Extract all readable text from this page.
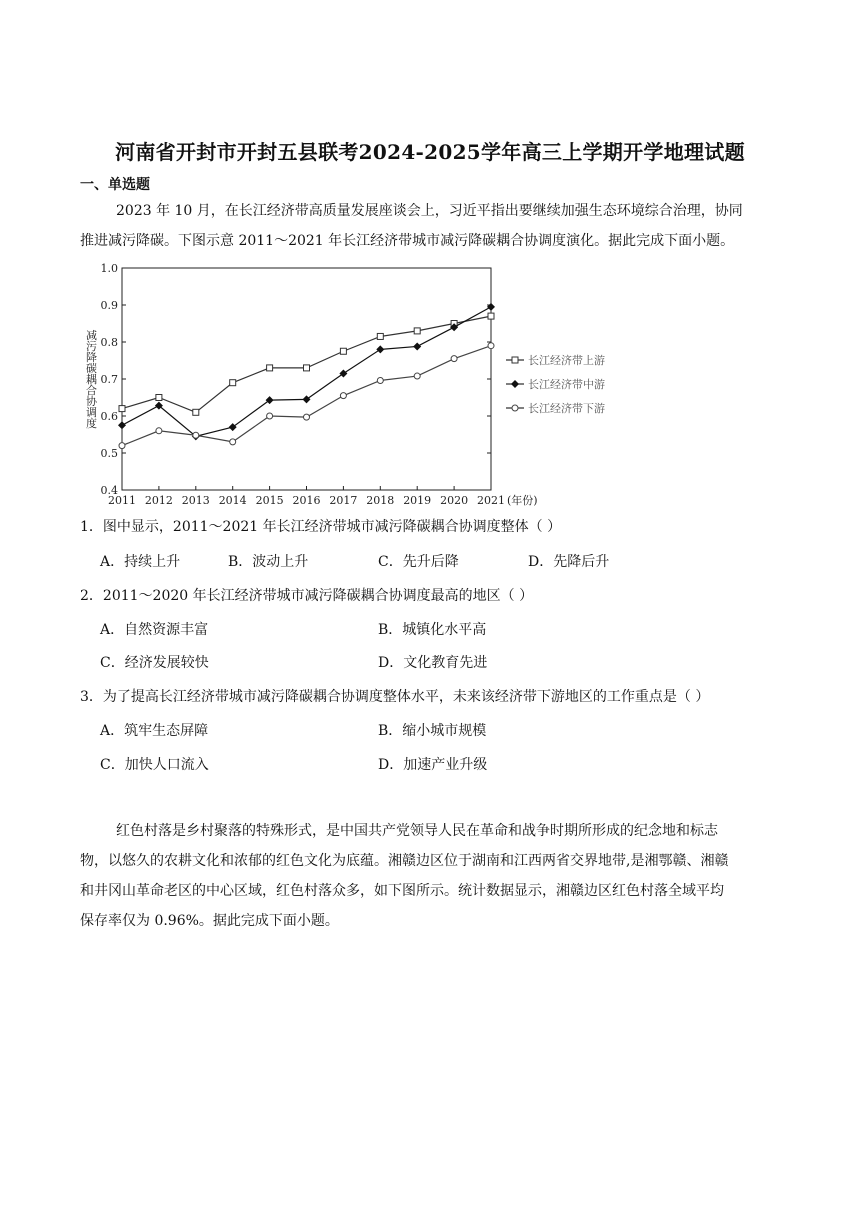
河南省开封市开封五县联考2024-2025学年高三上学期开学地理试题
一、单选题
2023 年 10 月，在长江经济带高质量发展座谈会上，习近平指出要继续加强生态环境综合治理，协同
推进减污降碳。下图示意 2011～2021 年长江经济带城市减污降碳耦合协调度演化。据此完成下面小题。
0.4
0.5
0.6
0.7
0.8
0.9
1.0
2011 2012 2013 2014 2015 2016 2017 2018 2019 2020 2021 (年份)
减污降碳耦合协调度	长江经济带上游
长江经济带中游
长江经济带下游
1．图中显示，2011～2021 年长江经济带城市减污降碳耦合协调度整体（ ）
A．持续上升	B．波动上升	C．先升后降	D．先降后升
2．2011～2020 年长江经济带城市减污降碳耦合协调度最高的地区（ ）
A．自然资源丰富	B．城镇化水平高
C．经济发展较快	D．文化教育先进
3．为了提高长江经济带城市减污降碳耦合协调度整体水平，未来该经济带下游地区的工作重点是（ ）
A．筑牢生态屏障	B．缩小城市规模
C．加快人口流入	D．加速产业升级
红色村落是乡村聚落的特殊形式，是中国共产党领导人民在革命和战争时期所形成的纪念地和标志
物，以悠久的农耕文化和浓郁的红色文化为底蕴。湘赣边区位于湖南和江西两省交界地带,是湘鄂赣、湘赣
和井冈山革命老区的中心区域，红色村落众多，如下图所示。统计数据显示，湘赣边区红色村落全域平均
保存率仅为 0.96%。据此完成下面小题。
